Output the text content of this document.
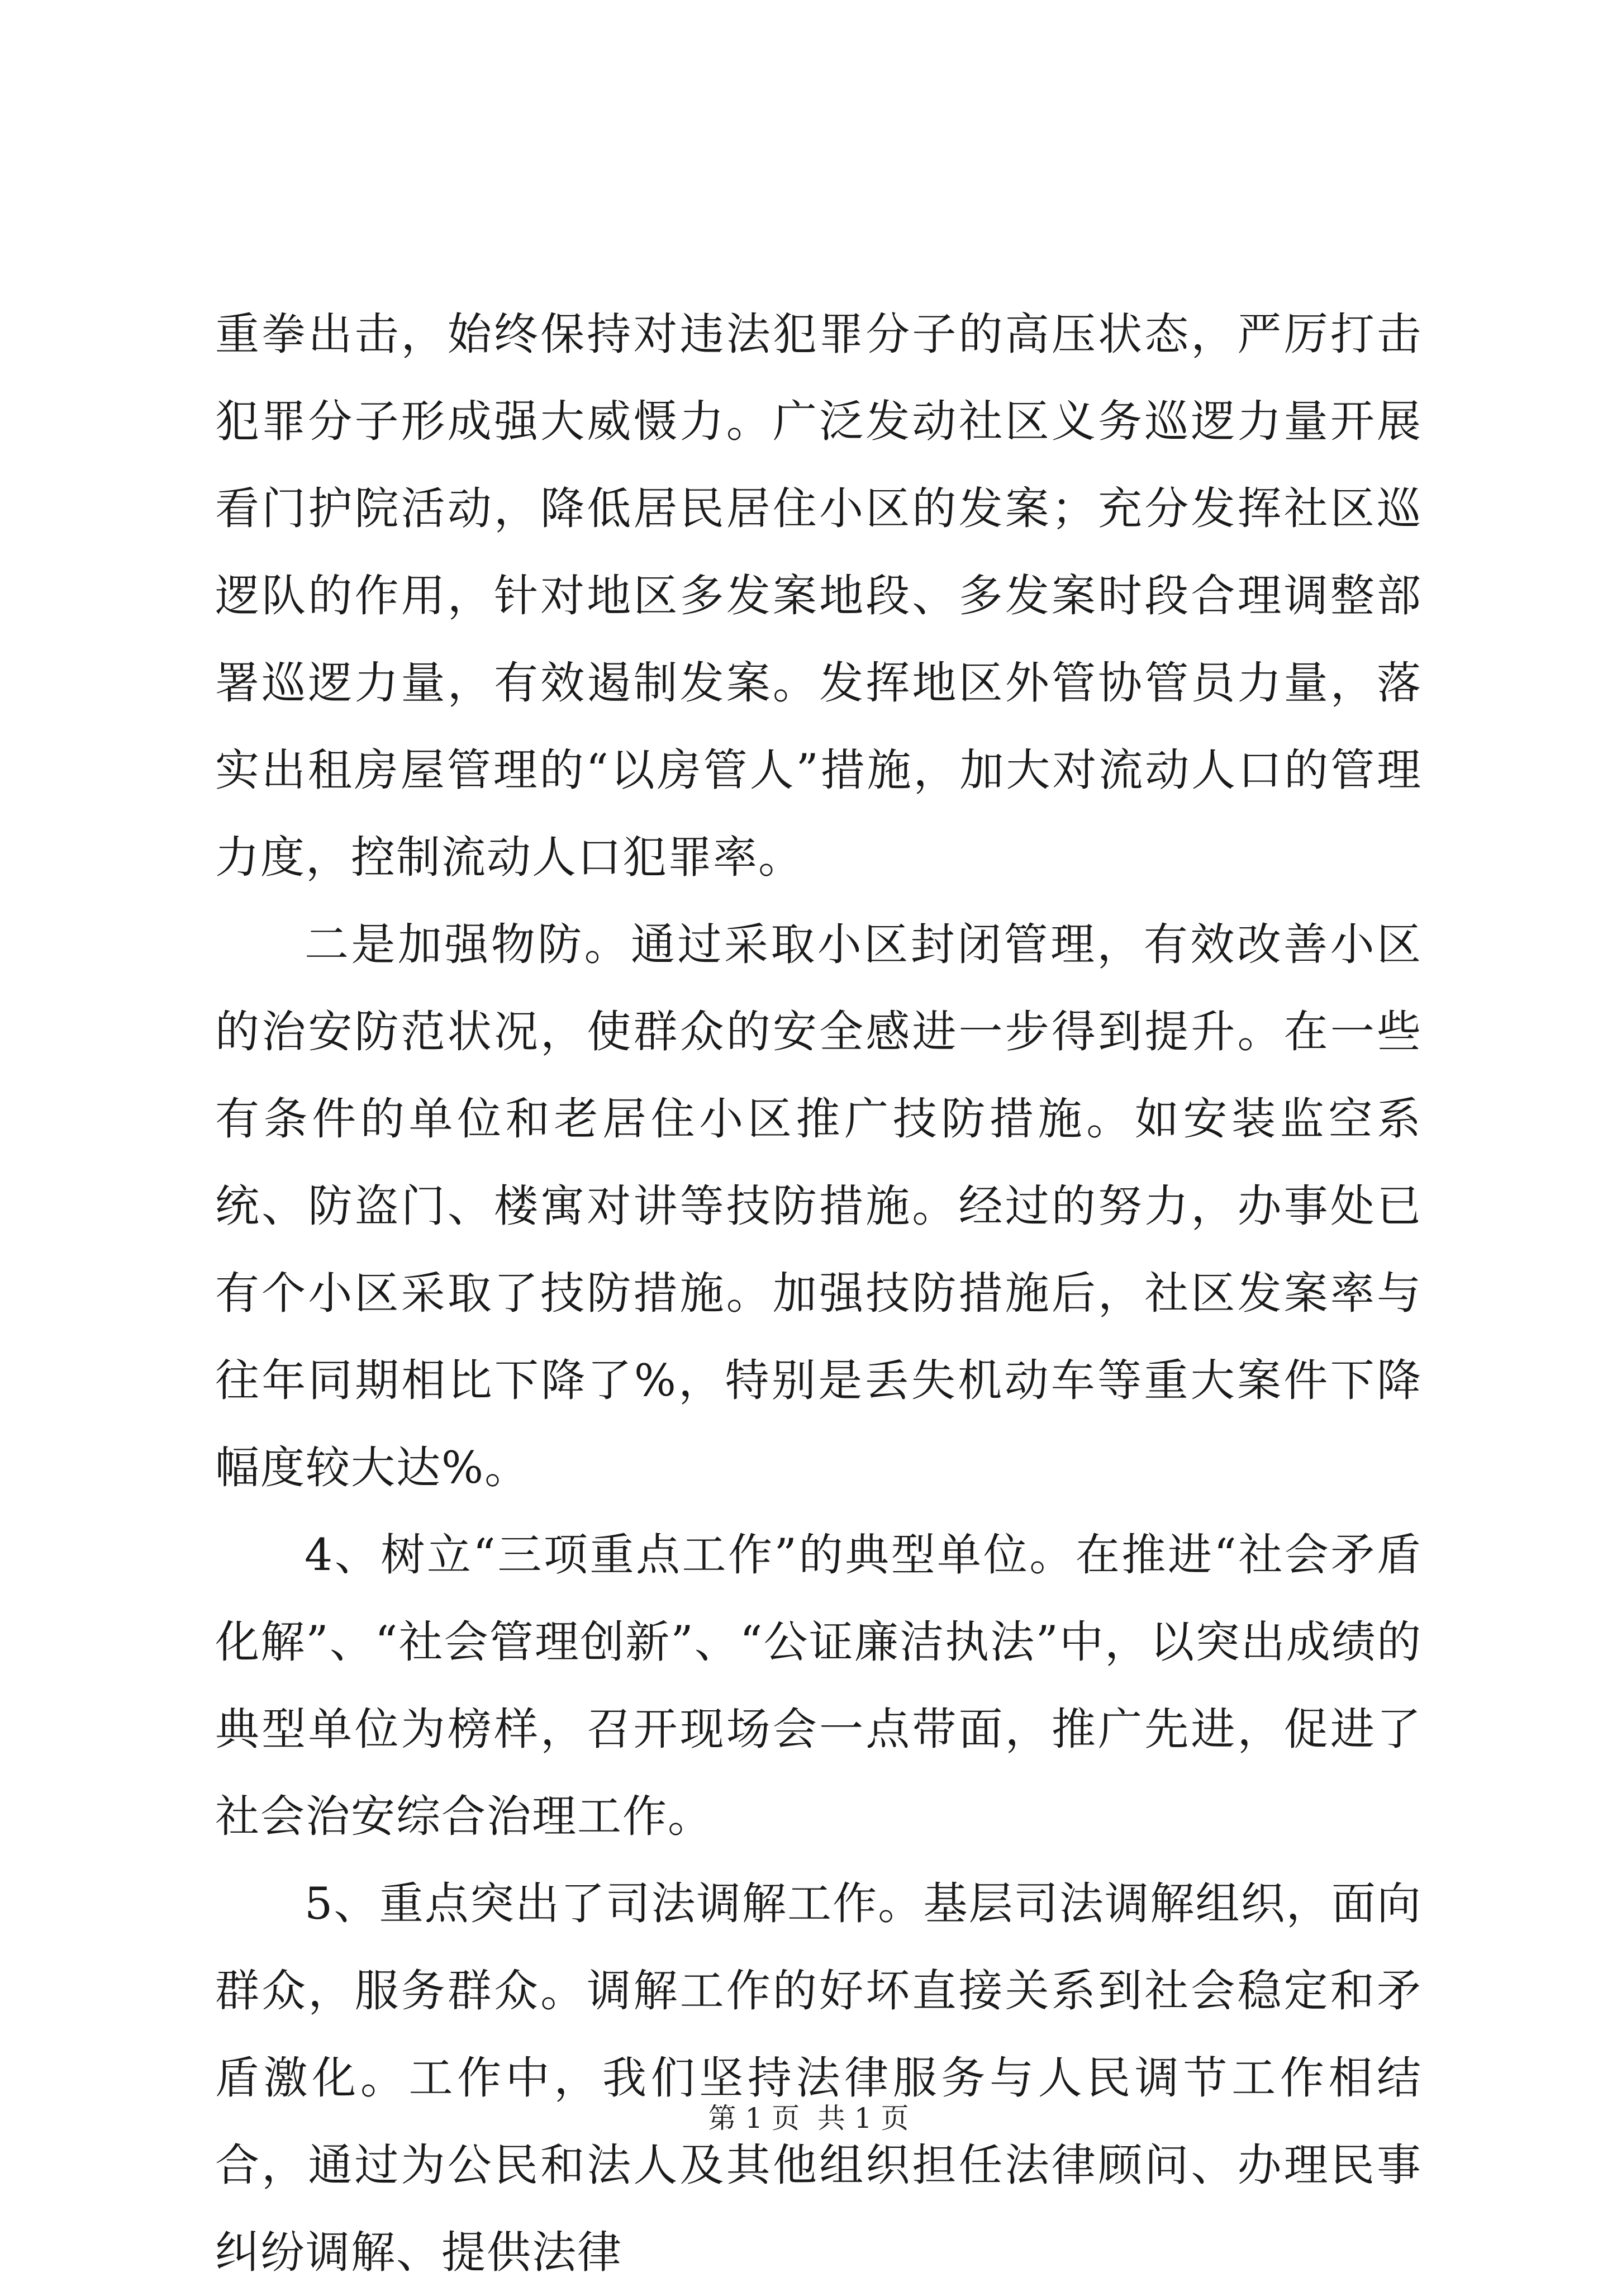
重拳出击，始终保持对违法犯罪分子的高压状态，严厉打击犯罪分子形成强大威慑力。广泛发动社区义务巡逻力量开展看门护院活动，降低居民居住小区的发案；充分发挥社区巡逻队的作用，针对地区多发案地段、多发案时段合理调整部署巡逻力量，有效遏制发案。发挥地区外管协管员力量，落实出租房屋管理的“以房管人”措施，加大对流动人口的管理力度，控制流动人口犯罪率。

二是加强物防。通过采取小区封闭管理，有效改善小区的治安防范状况，使群众的安全感进一步得到提升。在一些有条件的单位和老居住小区推广技防措施。如安装监空系统、防盗门、楼寓对讲等技防措施。经过的努力，办事处已有个小区采取了技防措施。加强技防措施后，社区发案率与往年同期相比下降了%，特别是丢失机动车等重大案件下降幅度较大达%。

4、树立“三项重点工作”的典型单位。在推进“社会矛盾化解”、“社会管理创新”、“公证廉洁执法”中，以突出成绩的典型单位为榜样，召开现场会一点带面，推广先进，促进了社会治安综合治理工作。

5、重点突出了司法调解工作。基层司法调解组织，面向群众，服务群众。调解工作的好坏直接关系到社会稳定和矛盾激化。工作中，我们坚持法律服务与人民调节工作相结合，通过为公民和法人及其他组织担任法律顾问、办理民事纠纷调解、提供法律

第 1 页  共 1 页
